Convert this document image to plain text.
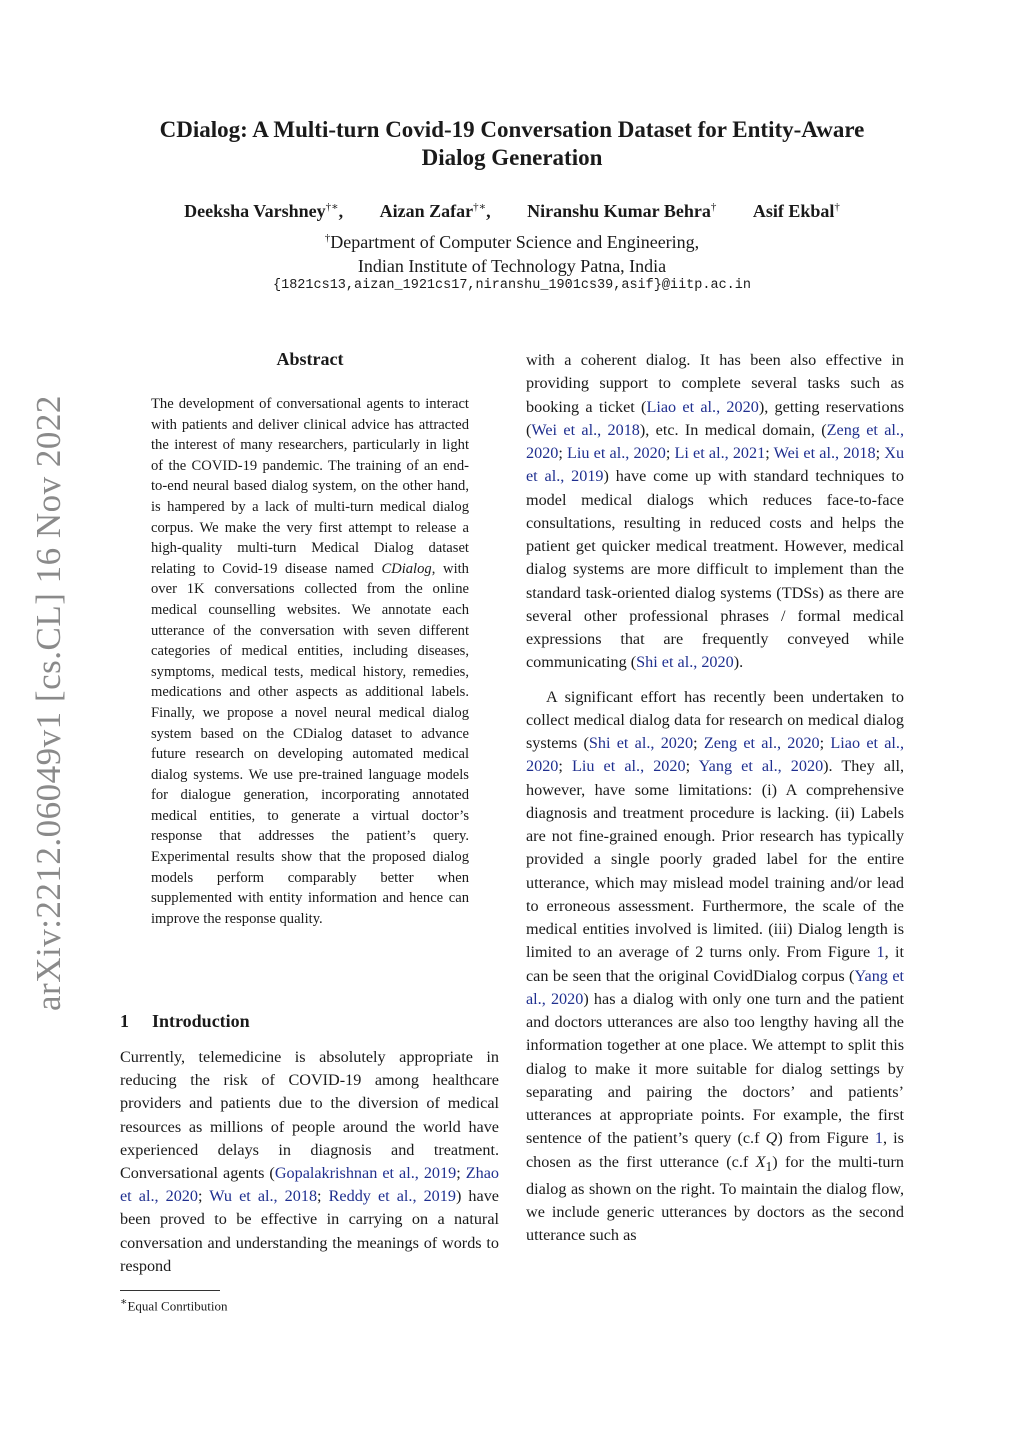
CDialog: A Multi-turn Covid-19 Conversation Dataset for Entity-Aware
Dialog Generation
Deeksha Varshney†∗, Aizan Zafar†∗, Niranshu Kumar Behra† Asif Ekbal†
†Department of Computer Science and Engineering,
Indian Institute of Technology Patna, India
{1821cs13,aizan_1921cs17,niranshu_1901cs39,asif}@iitp.ac.in
arXiv:2212.06049v1 [cs.CL] 16 Nov 2022
Abstract
The development of conversational agents to interact with patients and deliver clinical advice has attracted the interest of many researchers, particularly in light of the COVID-19 pandemic. The training of an end-to-end neural based dialog system, on the other hand, is hampered by a lack of multi-turn medical dialog corpus. We make the very first attempt to release a high-quality multi-turn Medical Dialog dataset relating to Covid-19 disease named CDialog, with over 1K conversations collected from the online medical counselling websites. We annotate each utterance of the conversation with seven different categories of medical entities, including diseases, symptoms, medical tests, medical history, remedies, medications and other aspects as additional labels. Finally, we propose a novel neural medical dialog system based on the CDialog dataset to advance future research on developing automated medical dialog systems. We use pre-trained language models for dialogue generation, incorporating annotated medical entities, to generate a virtual doctor’s response that addresses the patient’s query. Experimental results show that the proposed dialog models perform comparably better when supplemented with entity information and hence can improve the response quality.
1 Introduction

Currently, telemedicine is absolutely appropriate in reducing the risk of COVID-19 among healthcare providers and patients due to the diversion of medical resources as millions of people around the world have experienced delays in diagnosis and treatment. Conversational agents (Gopalakrishnan et al., 2019; Zhao et al., 2020; Wu et al., 2018; Reddy et al., 2019) have been proved to be effective in carrying on a natural conversation and understanding the meanings of words to respond

with a coherent dialog. It has been also effective in providing support to complete several tasks such as booking a ticket (Liao et al., 2020), getting reservations (Wei et al., 2018), etc. In medical domain, (Zeng et al., 2020; Liu et al., 2020; Li et al., 2021; Wei et al., 2018; Xu et al., 2019) have come up with standard techniques to model medical dialogs which reduces face-to-face consultations, resulting in reduced costs and helps the patient get quicker medical treatment. However, medical dialog systems are more difficult to implement than the standard task-oriented dialog systems (TDSs) as there are several other professional phrases / formal medical expressions that are frequently conveyed while communicating (Shi et al., 2020).

A significant effort has recently been undertaken to collect medical dialog data for research on medical dialog systems (Shi et al., 2020; Zeng et al., 2020; Liao et al., 2020; Liu et al., 2020; Yang et al., 2020). They all, however, have some limitations: (i) A comprehensive diagnosis and treatment procedure is lacking. (ii) Labels are not fine-grained enough. Prior research has typically provided a single poorly graded label for the entire utterance, which may mislead model training and/or lead to erroneous assessment. Furthermore, the scale of the medical entities involved is limited. (iii) Dialog length is limited to an average of 2 turns only. From Figure 1, it can be seen that the original CovidDialog corpus (Yang et al., 2020) has a dialog with only one turn and the patient and doctors utterances are also too lengthy having all the information together at one place. We attempt to split this dialog to make it more suitable for dialog settings by separating and pairing the doctors’ and patients’ utterances at appropriate points. For example, the first sentence of the patient’s query (c.f Q) from Figure 1, is chosen as the first utterance (c.f $X_1$) for the multi-turn dialog as shown on the right. To maintain the dialog flow, we include generic utterances by doctors as the second utterance such as

∗Equal Conrtibution
